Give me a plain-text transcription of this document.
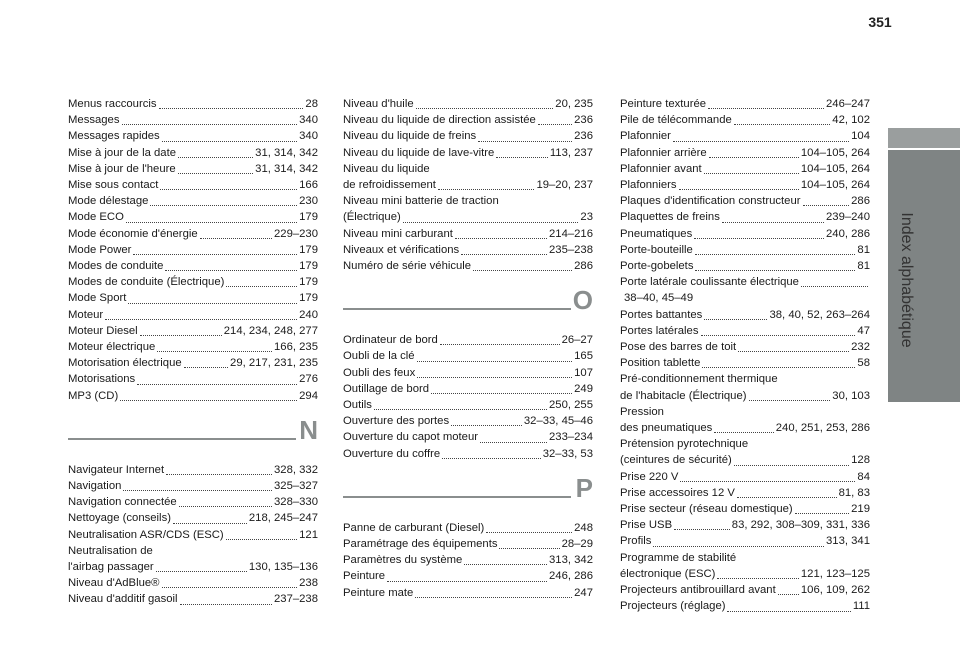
351
Index alphabétique
Menus raccourcis	28
Messages	340
Messages rapides	340
Mise à jour de la date	31, 314, 342
Mise à jour de l'heure	31, 314, 342
Mise sous contact	166
Mode délestage	230
Mode ECO	179
Mode économie d'énergie	229–230
Mode Power	179
Modes de conduite	179
Modes de conduite (Électrique)	179
Mode Sport	179
Moteur	240
Moteur Diesel	214, 234, 248, 277
Moteur électrique	166, 235
Motorisation électrique	29, 217, 231, 235
Motorisations	276
MP3 (CD)	294
N
Navigateur Internet	328, 332
Navigation	325–327
Navigation connectée	328–330
Nettoyage (conseils)	218, 245–247
Neutralisation ASR/CDS (ESC)	121
Neutralisation de
l'airbag passager	130, 135–136
Niveau d'AdBlue®	238
Niveau d'additif gasoil	237–238
Niveau d'huile	20, 235
Niveau du liquide de direction assistée	236
Niveau du liquide de freins	236
Niveau du liquide de lave-vitre	113, 237
Niveau du liquide
de refroidissement	19–20, 237
Niveau mini batterie de traction
(Électrique)	23
Niveau mini carburant	214–216
Niveaux et vérifications	235–238
Numéro de série véhicule	286
O
Ordinateur de bord	26–27
Oubli de la clé	165
Oubli des feux	107
Outillage de bord	249
Outils	250, 255
Ouverture des portes	32–33, 45–46
Ouverture du capot moteur	233–234
Ouverture du coffre	32–33, 53
P
Panne de carburant (Diesel)	248
Paramétrage des équipements	28–29
Paramètres du système	313, 342
Peinture	246, 286
Peinture mate	247
Peinture texturée	246–247
Pile de télécommande	42, 102
Plafonnier	104
Plafonnier arrière	104–105, 264
Plafonnier avant	104–105, 264
Plafonniers	104–105, 264
Plaques d'identification constructeur	286
Plaquettes de freins	239–240
Pneumatiques	240, 286
Porte-bouteille	81
Porte-gobelets	81
Porte latérale coulissante électrique
38–40, 45–49
Portes battantes	38, 40, 52, 263–264
Portes latérales	47
Pose des barres de toit	232
Position tablette	58
Pré-conditionnement thermique
de l'habitacle (Électrique)	30, 103
Pression
des pneumatiques	240, 251, 253, 286
Prétension pyrotechnique
(ceintures de sécurité)	128
Prise 220 V	84
Prise accessoires 12 V	81, 83
Prise secteur (réseau domestique)	219
Prise USB	83, 292, 308–309, 331, 336
Profils	313, 341
Programme de stabilité
électronique (ESC)	121, 123–125
Projecteurs antibrouillard avant 106, 109, 262
Projecteurs (réglage)	111
